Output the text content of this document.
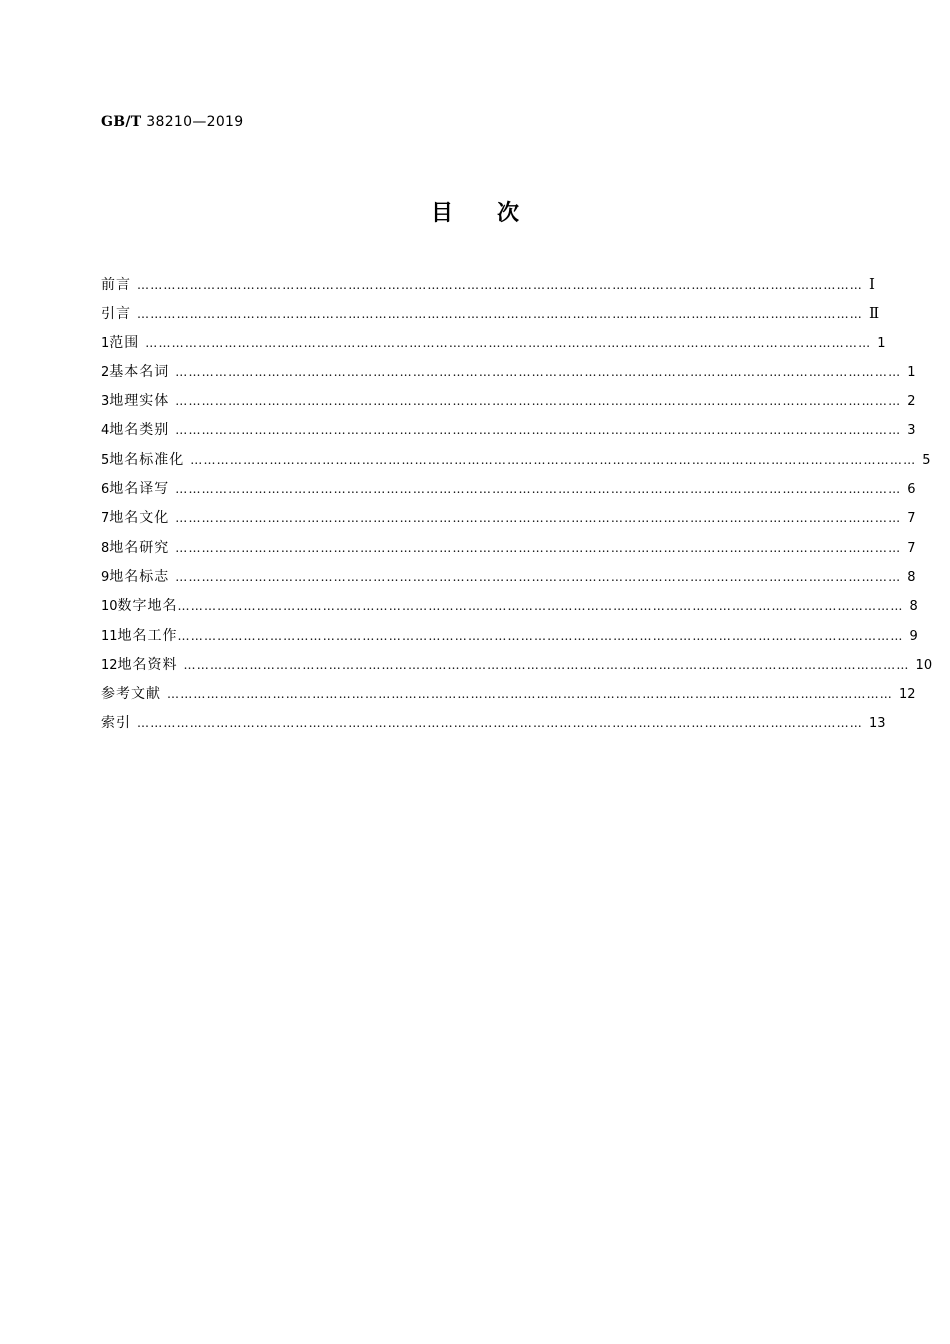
GB/T 38210—2019
目次
前言 ………………………………………………………………………………………………………………………………………………… Ⅰ
引言 ………………………………………………………………………………………………………………………………………………… Ⅱ
1 范围 ………………………………………………………………………………………………………………………………………………… 1
2 基本名词 ………………………………………………………………………………………………………………………………………………… 1
3 地理实体 ………………………………………………………………………………………………………………………………………………… 2
4 地名类别 ………………………………………………………………………………………………………………………………………………… 3
5 地名标准化 ………………………………………………………………………………………………………………………………………………… 5
6 地名译写 ………………………………………………………………………………………………………………………………………………… 6
7 地名文化 ………………………………………………………………………………………………………………………………………………… 7
8 地名研究 ………………………………………………………………………………………………………………………………………………… 7
9 地名标志 ………………………………………………………………………………………………………………………………………………… 8
10 数字地名 ………………………………………………………………………………………………………………………………………………… 8
11 地名工作 ………………………………………………………………………………………………………………………………………………… 9
12 地名资料 ………………………………………………………………………………………………………………………………………………… 10
参考文献 ………………………………………………………………………………………………………………………………………………… 12
索引 ………………………………………………………………………………………………………………………………………………… 13
